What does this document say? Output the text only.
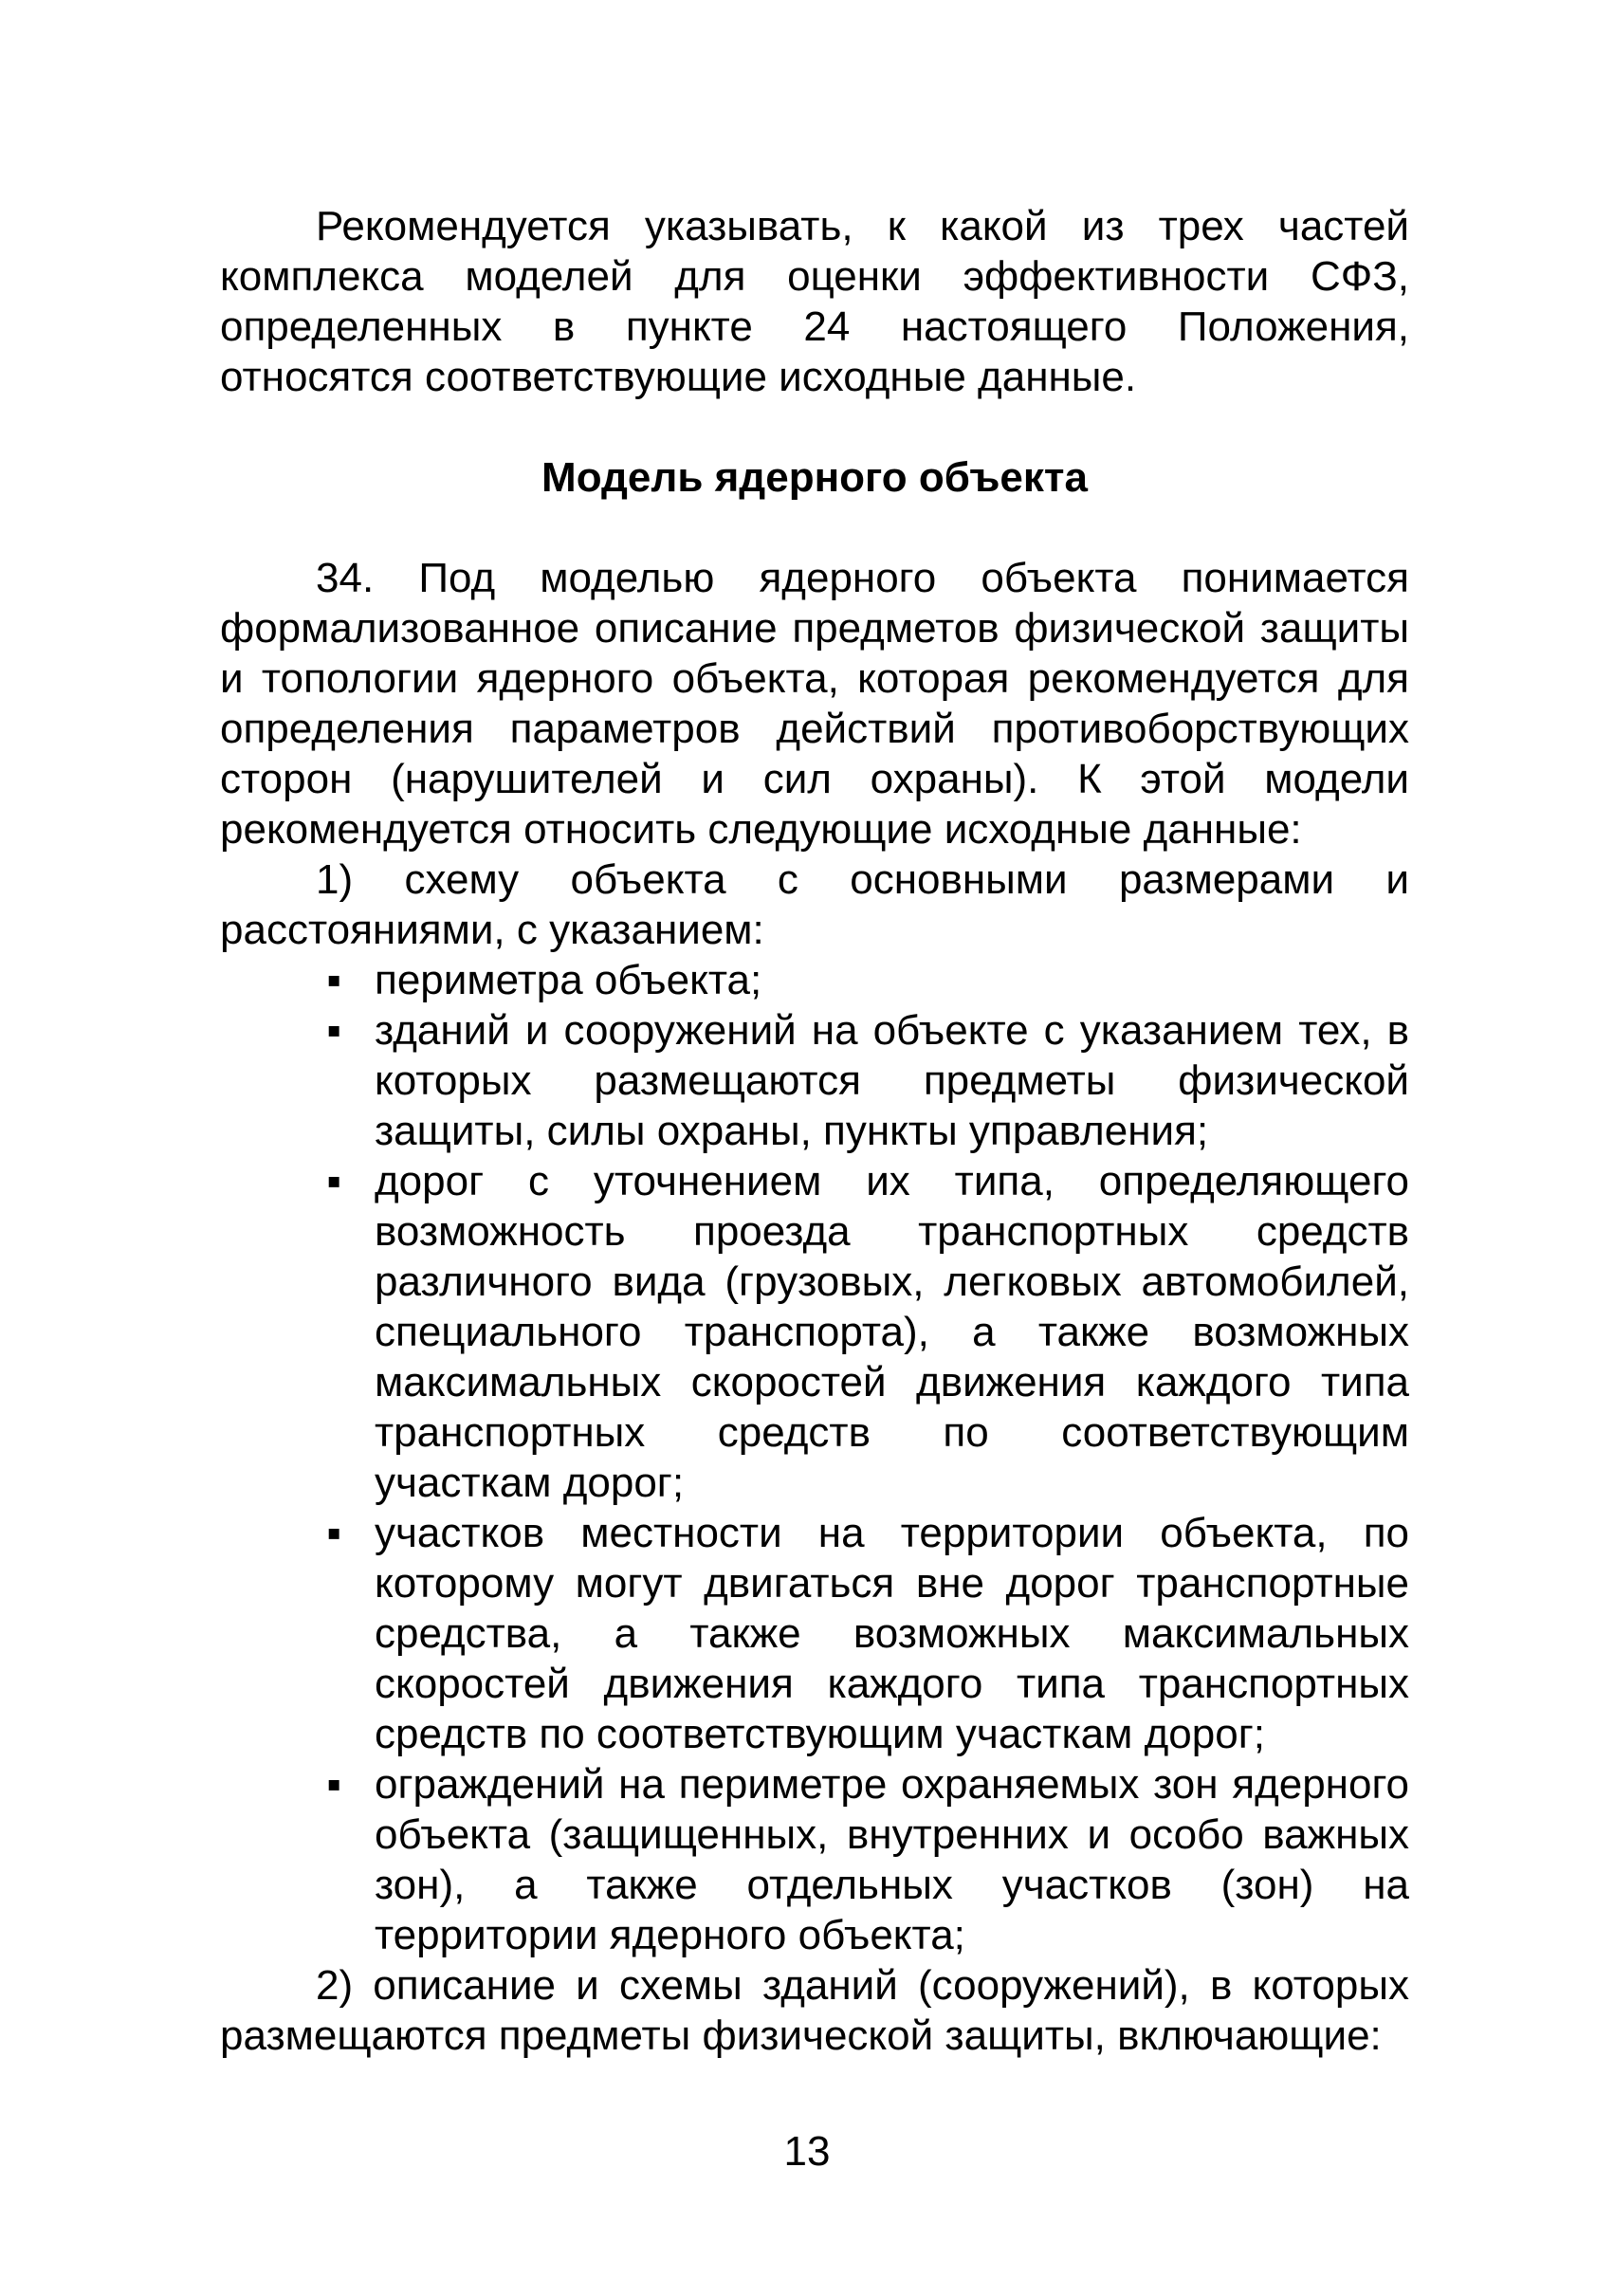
Рекомендуется указывать, к какой из трех частей комплекса моделей для оценки эффективности СФЗ, определенных в пункте 24 настоящего Положения, относятся соответствующие исходные данные.

Модель ядерного объекта

34. Под моделью ядерного объекта понимается формализованное описание предметов физической защиты и топологии ядерного объекта, которая рекомендуется для определения параметров действий противоборствующих сторон (нарушителей и сил охраны). К этой модели рекомендуется относить следующие исходные данные:

1) схему объекта с основными размерами и расстояниями, с указанием:

▪ периметра объекта;
▪ зданий и сооружений на объекте с указанием тех, в которых размещаются предметы физической защиты, силы охраны, пункты управления;
▪ дорог с уточнением их типа, определяющего возможность проезда транспортных средств различного вида (грузовых, легковых автомобилей, специального транспорта), а также возможных максимальных скоростей движения каждого типа транспортных средств по соответствующим участкам дорог;
▪ участков местности на территории объекта, по которому могут двигаться вне дорог транспортные средства, а также возможных максимальных скоростей движения каждого типа транспортных средств по соответствующим участкам дорог;
▪ ограждений на периметре охраняемых зон ядерного объекта (защищенных, внутренних и особо важных зон), а также отдельных участков (зон) на территории ядерного объекта;

2) описание и схемы зданий (сооружений), в которых размещаются предметы физической защиты, включающие:

13
